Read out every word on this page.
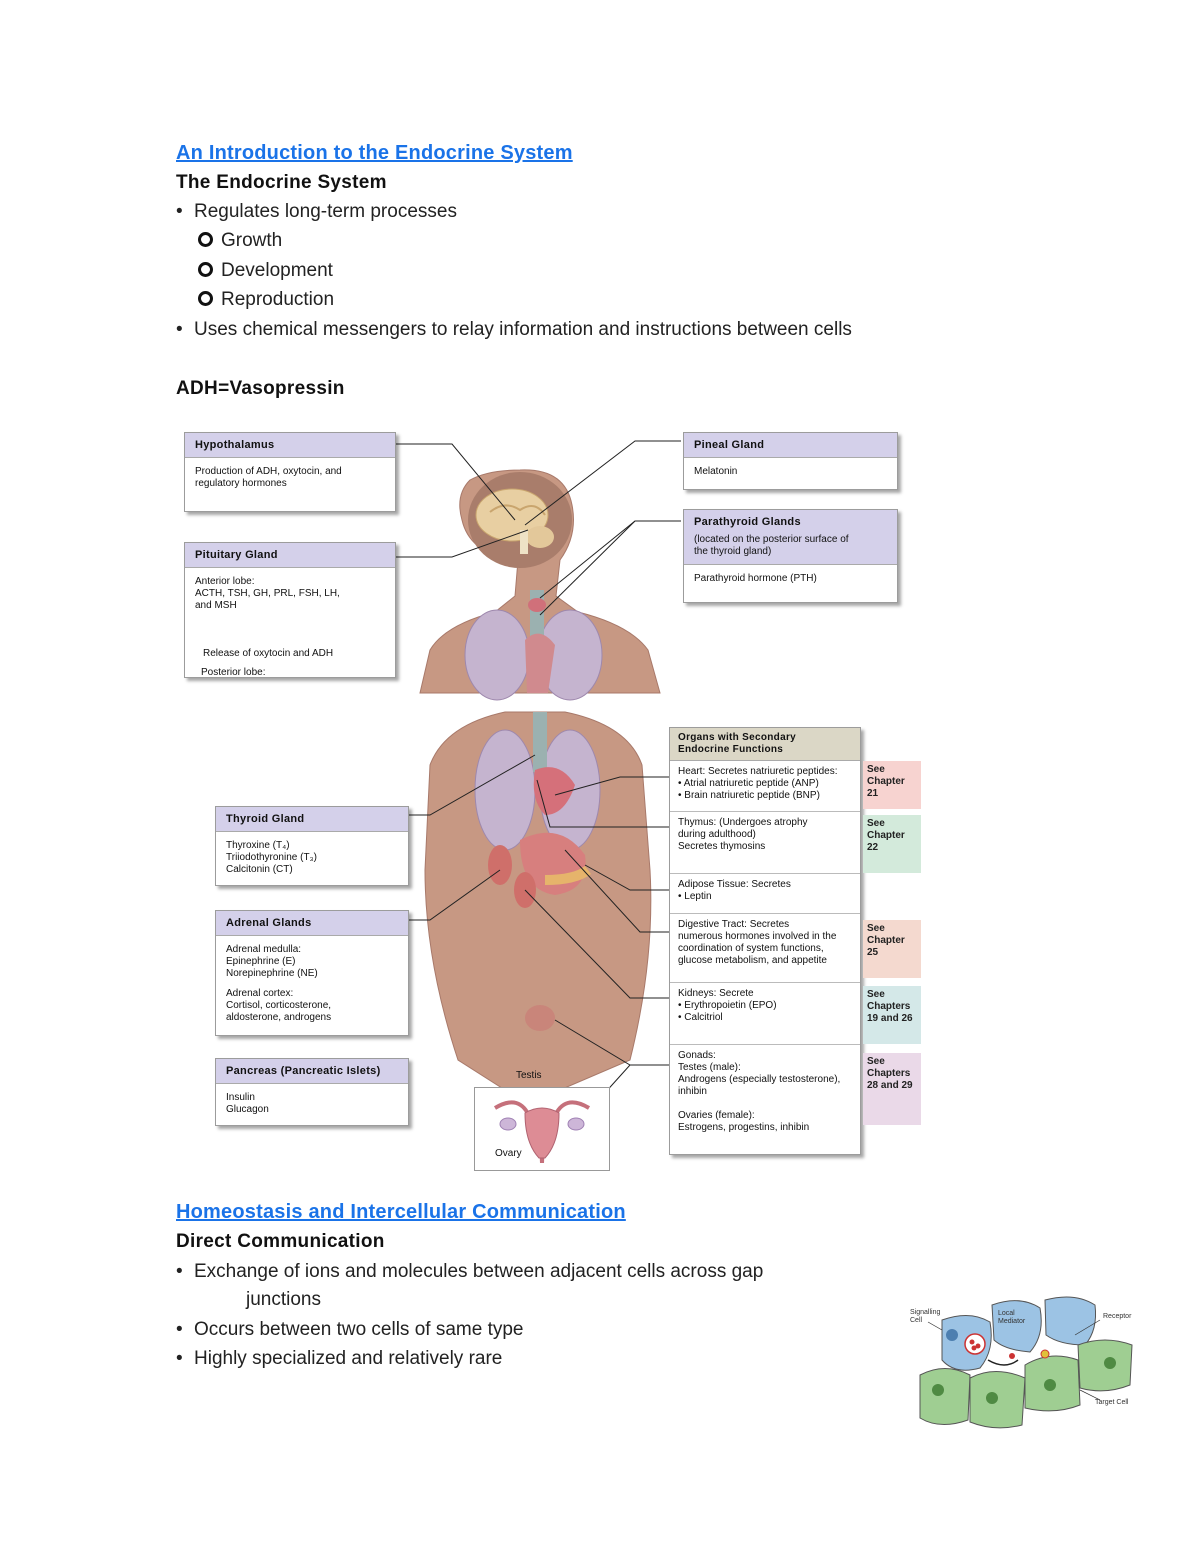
An Introduction to the Endocrine System
The Endocrine System
• Regulates long-term processes
Growth
Development
Reproduction
• Uses chemical messengers to relay information and instructions between cells
ADH=Vasopressin
Hypothalamus
Production of ADH, oxytocin, and
regulatory hormones
Pituitary Gland
Anterior lobe:
ACTH, TSH, GH, PRL, FSH, LH,
and MSH
Release of oxytocin and ADH
Posterior lobe:
Pineal Gland
Melatonin
Parathyroid Glands
(located on the posterior surface of
the thyroid gland)
Parathyroid hormone (PTH)
Thyroid Gland
Thyroxine (T₄)
Triiodothyronine (T₃)
Calcitonin (CT)
Adrenal Glands
Adrenal medulla:
Epinephrine (E)
Norepinephrine (NE)
Adrenal cortex:
Cortisol, corticosterone,
aldosterone, androgens
Pancreas (Pancreatic Islets)
Insulin
Glucagon
Testis
Ovary
Organs with Secondary
Endocrine Functions
Heart: Secretes natriuretic peptides:
• Atrial natriuretic peptide (ANP)
• Brain natriuretic peptide (BNP)
Thymus: (Undergoes atrophy
during adulthood)
Secretes thymosins
Adipose Tissue: Secretes
• Leptin
Digestive Tract: Secretes
numerous hormones involved in the
coordination of system functions,
glucose metabolism, and appetite
Kidneys: Secrete
• Erythropoietin (EPO)
• Calcitriol
Gonads:
Testes (male):
Androgens (especially testosterone),
inhibin

Ovaries (female):
Estrogens, progestins, inhibin
See
Chapter
21
See
Chapter
22
See
Chapter
25
See
Chapters
19 and 26
See
Chapters
28 and 29
Homeostasis and Intercellular Communication
Direct Communication
• Exchange of ions and molecules between adjacent cells across gap
junctions
• Occurs between two cells of same type
• Highly specialized and relatively rare
Signalling Cell
Local Mediator
Receptor
Target Cell
